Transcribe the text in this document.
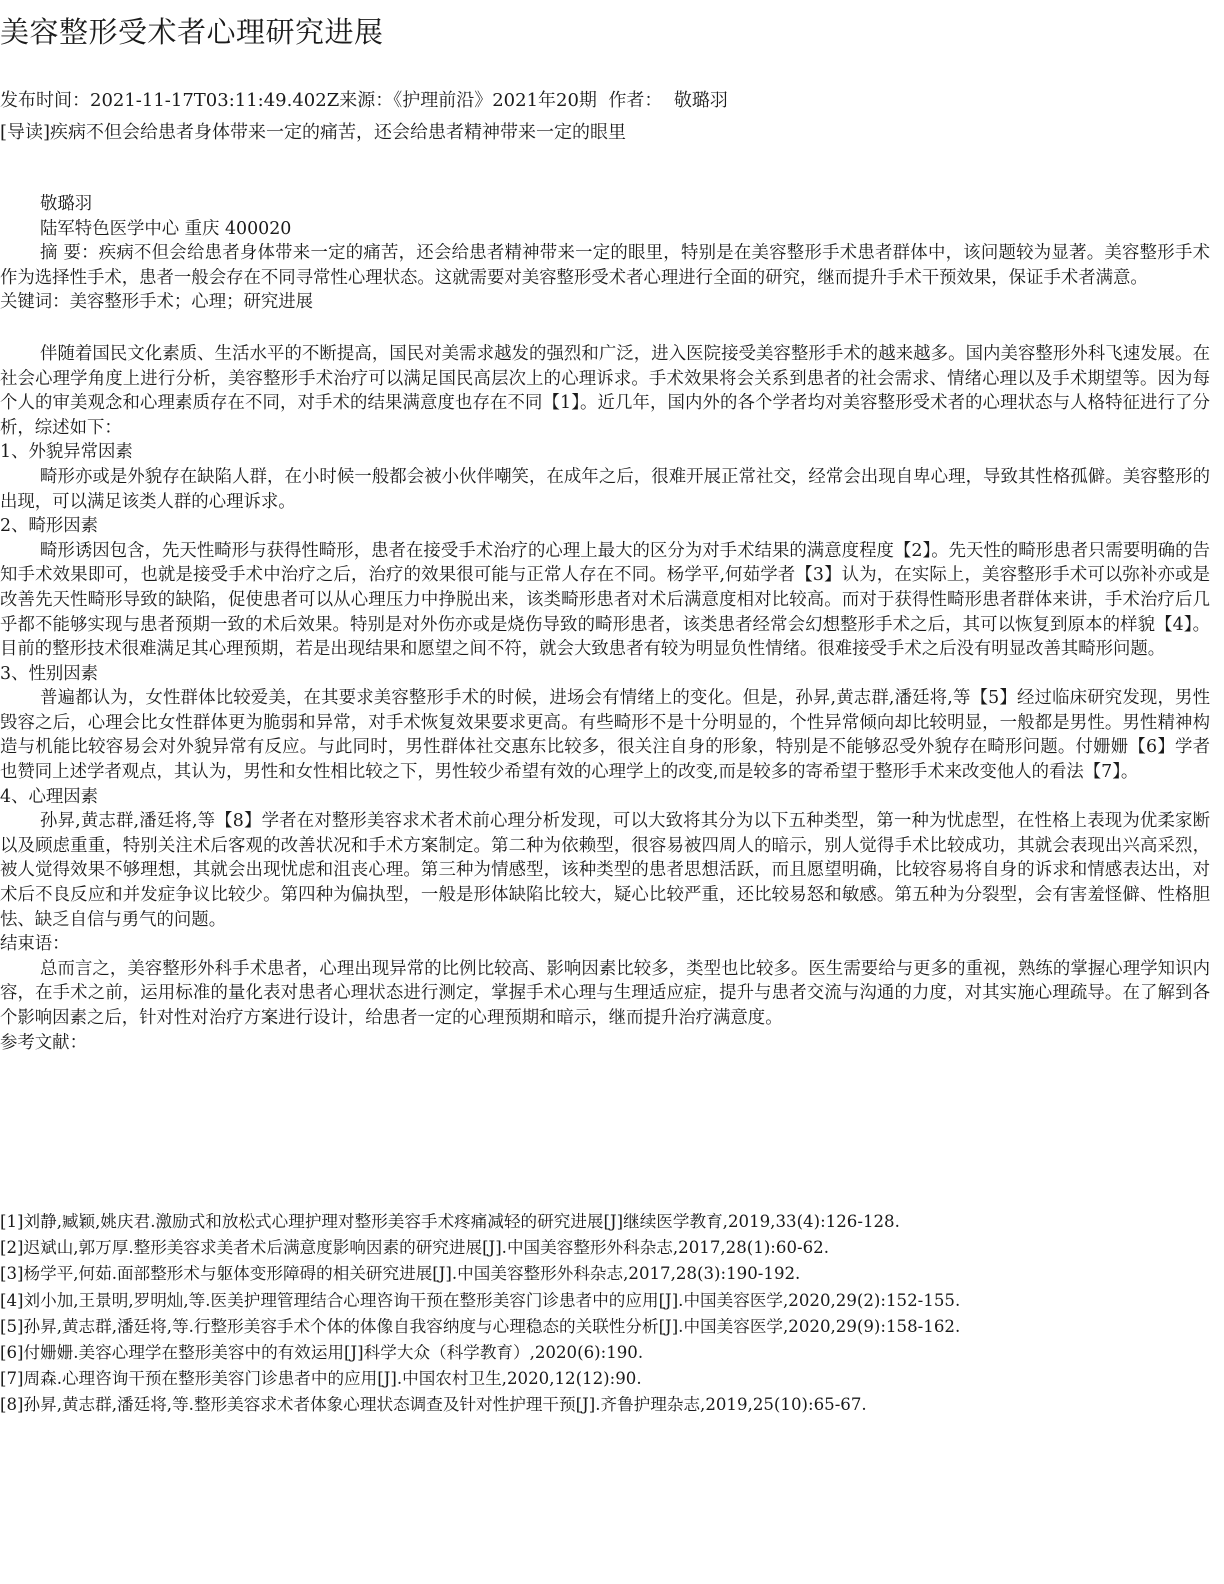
美容整形受术者心理研究进展
发布时间：2021-11-17T03:11:49.402Z来源：《护理前沿》2021年20期 作者： 敬璐羽
[导读]疾病不但会给患者身体带来一定的痛苦，还会给患者精神带来一定的眼里
敬璐羽
陆军特色医学中心 重庆 400020

摘 要：疾病不但会给患者身体带来一定的痛苦，还会给患者精神带来一定的眼里，特别是在美容整形手术患者群体中，该问题较为显著。美容整形手术作为选择性手术，患者一般会存在不同寻常性心理状态。这就需要对美容整形受术者心理进行全面的研究，继而提升手术干预效果，保证手术者满意。

关键词：美容整形手术；心理；研究进展

伴随着国民文化素质、生活水平的不断提高，国民对美需求越发的强烈和广泛，进入医院接受美容整形手术的越来越多。国内美容整形外科飞速发展。在社会心理学角度上进行分析，美容整形手术治疗可以满足国民高层次上的心理诉求。手术效果将会关系到患者的社会需求、情绪心理以及手术期望等。因为每个人的审美观念和心理素质存在不同，对手术的结果满意度也存在不同【1】。近几年，国内外的各个学者均对美容整形受术者的心理状态与人格特征进行了分析，综述如下：

1、外貌异常因素

畸形亦或是外貌存在缺陷人群，在小时候一般都会被小伙伴嘲笑，在成年之后，很难开展正常社交，经常会出现自卑心理，导致其性格孤僻。美容整形的出现，可以满足该类人群的心理诉求。

2、畸形因素

畸形诱因包含，先天性畸形与获得性畸形，患者在接受手术治疗的心理上最大的区分为对手术结果的满意度程度【2】。先天性的畸形患者只需要明确的告知手术效果即可，也就是接受手术中治疗之后，治疗的效果很可能与正常人存在不同。杨学平,何茹学者【3】认为，在实际上，美容整形手术可以弥补亦或是改善先天性畸形导致的缺陷，促使患者可以从心理压力中挣脱出来，该类畸形患者对术后满意度相对比较高。而对于获得性畸形患者群体来讲，手术治疗后几乎都不能够实现与患者预期一致的术后效果。特别是对外伤亦或是烧伤导致的畸形患者，该类患者经常会幻想整形手术之后，其可以恢复到原本的样貌【4】。目前的整形技术很难满足其心理预期，若是出现结果和愿望之间不符，就会大致患者有较为明显负性情绪。很难接受手术之后没有明显改善其畸形问题。

3、性别因素

普遍都认为，女性群体比较爱美，在其要求美容整形手术的时候，进场会有情绪上的变化。但是，孙昇,黄志群,潘廷将,等【5】经过临床研究发现，男性毁容之后，心理会比女性群体更为脆弱和异常，对手术恢复效果要求更高。有些畸形不是十分明显的，个性异常倾向却比较明显，一般都是男性。男性精神构造与机能比较容易会对外貌异常有反应。与此同时，男性群体社交惠东比较多，很关注自身的形象，特别是不能够忍受外貌存在畸形问题。付姗姗【6】学者也赞同上述学者观点，其认为，男性和女性相比较之下，男性较少希望有效的心理学上的改变,而是较多的寄希望于整形手术来改变他人的看法【7】。

4、心理因素

孙昇,黄志群,潘廷将,等【8】学者在对整形美容求术者术前心理分析发现，可以大致将其分为以下五种类型，第一种为忧虑型，在性格上表现为优柔家断以及顾虑重重，特别关注术后客观的改善状况和手术方案制定。第二种为依赖型，很容易被四周人的暗示，别人觉得手术比较成功，其就会表现出兴高采烈，被人觉得效果不够理想，其就会出现忧虑和沮丧心理。第三种为情感型，该种类型的患者思想活跃，而且愿望明确，比较容易将自身的诉求和情感表达出，对术后不良反应和并发症争议比较少。第四种为偏执型，一般是形体缺陷比较大，疑心比较严重，还比较易怒和敏感。第五种为分裂型，会有害羞怪僻、性格胆怯、缺乏自信与勇气的问题。

结束语：

总而言之，美容整形外科手术患者，心理出现异常的比例比较高、影响因素比较多，类型也比较多。医生需要给与更多的重视，熟练的掌握心理学知识内容，在手术之前，运用标准的量化表对患者心理状态进行测定，掌握手术心理与生理适应症，提升与患者交流与沟通的力度，对其实施心理疏导。在了解到各个影响因素之后，针对性对治疗方案进行设计，给患者一定的心理预期和暗示，继而提升治疗满意度。

参考文献：

[1]刘静,臧颖,姚庆君.激励式和放松式心理护理对整形美容手术疼痛减轻的研究进展[J]继续医学教育,2019,33(4):126-128.
[2]迟斌山,郭万厚.整形美容求美者术后满意度影响因素的研究进展[J].中国美容整形外科杂志,2017,28(1):60-62.
[3]杨学平,何茹.面部整形术与躯体变形障碍的相关研究进展[J].中国美容整形外科杂志,2017,28(3):190-192.
[4]刘小加,王景明,罗明灿,等.医美护理管理结合心理咨询干预在整形美容门诊患者中的应用[J].中国美容医学,2020,29(2):152-155.
[5]孙昇,黄志群,潘廷将,等.行整形美容手术个体的体像自我容纳度与心理稳态的关联性分析[J].中国美容医学,2020,29(9):158-162.
[6]付姗姗.美容心理学在整形美容中的有效运用[J]科学大众（科学教育）,2020(6):190.
[7]周森.心理咨询干预在整形美容门诊患者中的应用[J].中国农村卫生,2020,12(12):90.
[8]孙昇,黄志群,潘廷将,等.整形美容求术者体象心理状态调查及针对性护理干预[J].齐鲁护理杂志,2019,25(10):65-67.
